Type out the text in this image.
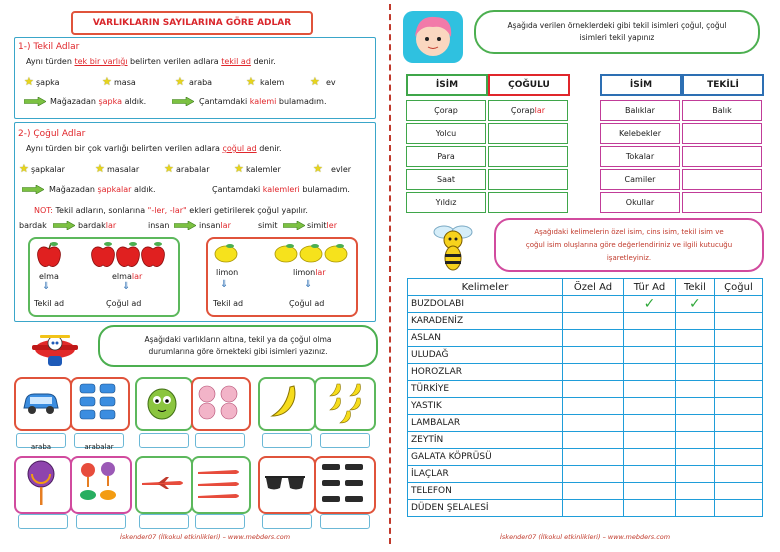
VARLIKLARIN SAYILARINA GÖRE ADLAR
1-) Tekil Adlar
Aynı türden tek bir varlığı belirten verilen adlara tekil ad denir.
★ şapka	★ masa	★ araba	★ kalem ★ ev
Mağazadan şapka aldık.	Çantamdaki kalemi bulamadım.
2-) Çoğul Adlar
Aynı türden bir çok varlığı belirten verilen adlara çoğul ad denir.
★ şapkalar	★ masalar ★ arabalar ★ kalemler	★ evler
Mağazadan şapkalar aldık.	Çantamdaki kalemleri bulamadım.
NOT: Tekil adların, sonlarına "-ler, -lar" ekleri getirilerek çoğul yapılır.
bardak	bardaklar	insan	insanlar	simit	simitler
elma	elmalar
⇓	⇓
Tekil ad	Çoğul ad
limon	limonlar
⇓	⇓
Tekil ad	Çoğul ad
Aşağıdaki varlıkların altına, tekil ya da çoğul olma durumlarına göre örnekteki gibi isimleri yazınız.
araba	arabalar
İskender07 (İlkokul etkinlikleri) – www.mebders.com
Aşağıda verilen örneklerdeki gibi tekil isimleri çoğul, çoğul isimleri tekil yapınız
İSİM	ÇOĞULU
Çorap	Çoraplar
Yolcu
Para
Saat
Yıldız
İSİM	TEKİLİ
Balıklar	Balık
Kelebekler
Tokalar
Camiler
Okullar
Aşağıdaki kelimelerin özel isim, cins isim, tekil isim ve çoğul isim oluşlarına göre değerlendiriniz ve ilgili kutucuğu işaretleyiniz.
Kelimeler	Özel Ad	Tür Ad	Tekil	Çoğul
BUZDOLABI		✓	✓	
KARADENİZ				
ASLAN				
ULUDAĞ				
HOROZLAR				
TÜRKİYE				
YASTIK				
LAMBALAR				
ZEYTİN				
GALATA KÖPRÜSÜ				
İLAÇLAR				
TELEFON				
DÜDEN ŞELALESİ				
İskender07 (İlkokul etkinlikleri) – www.mebders.com
